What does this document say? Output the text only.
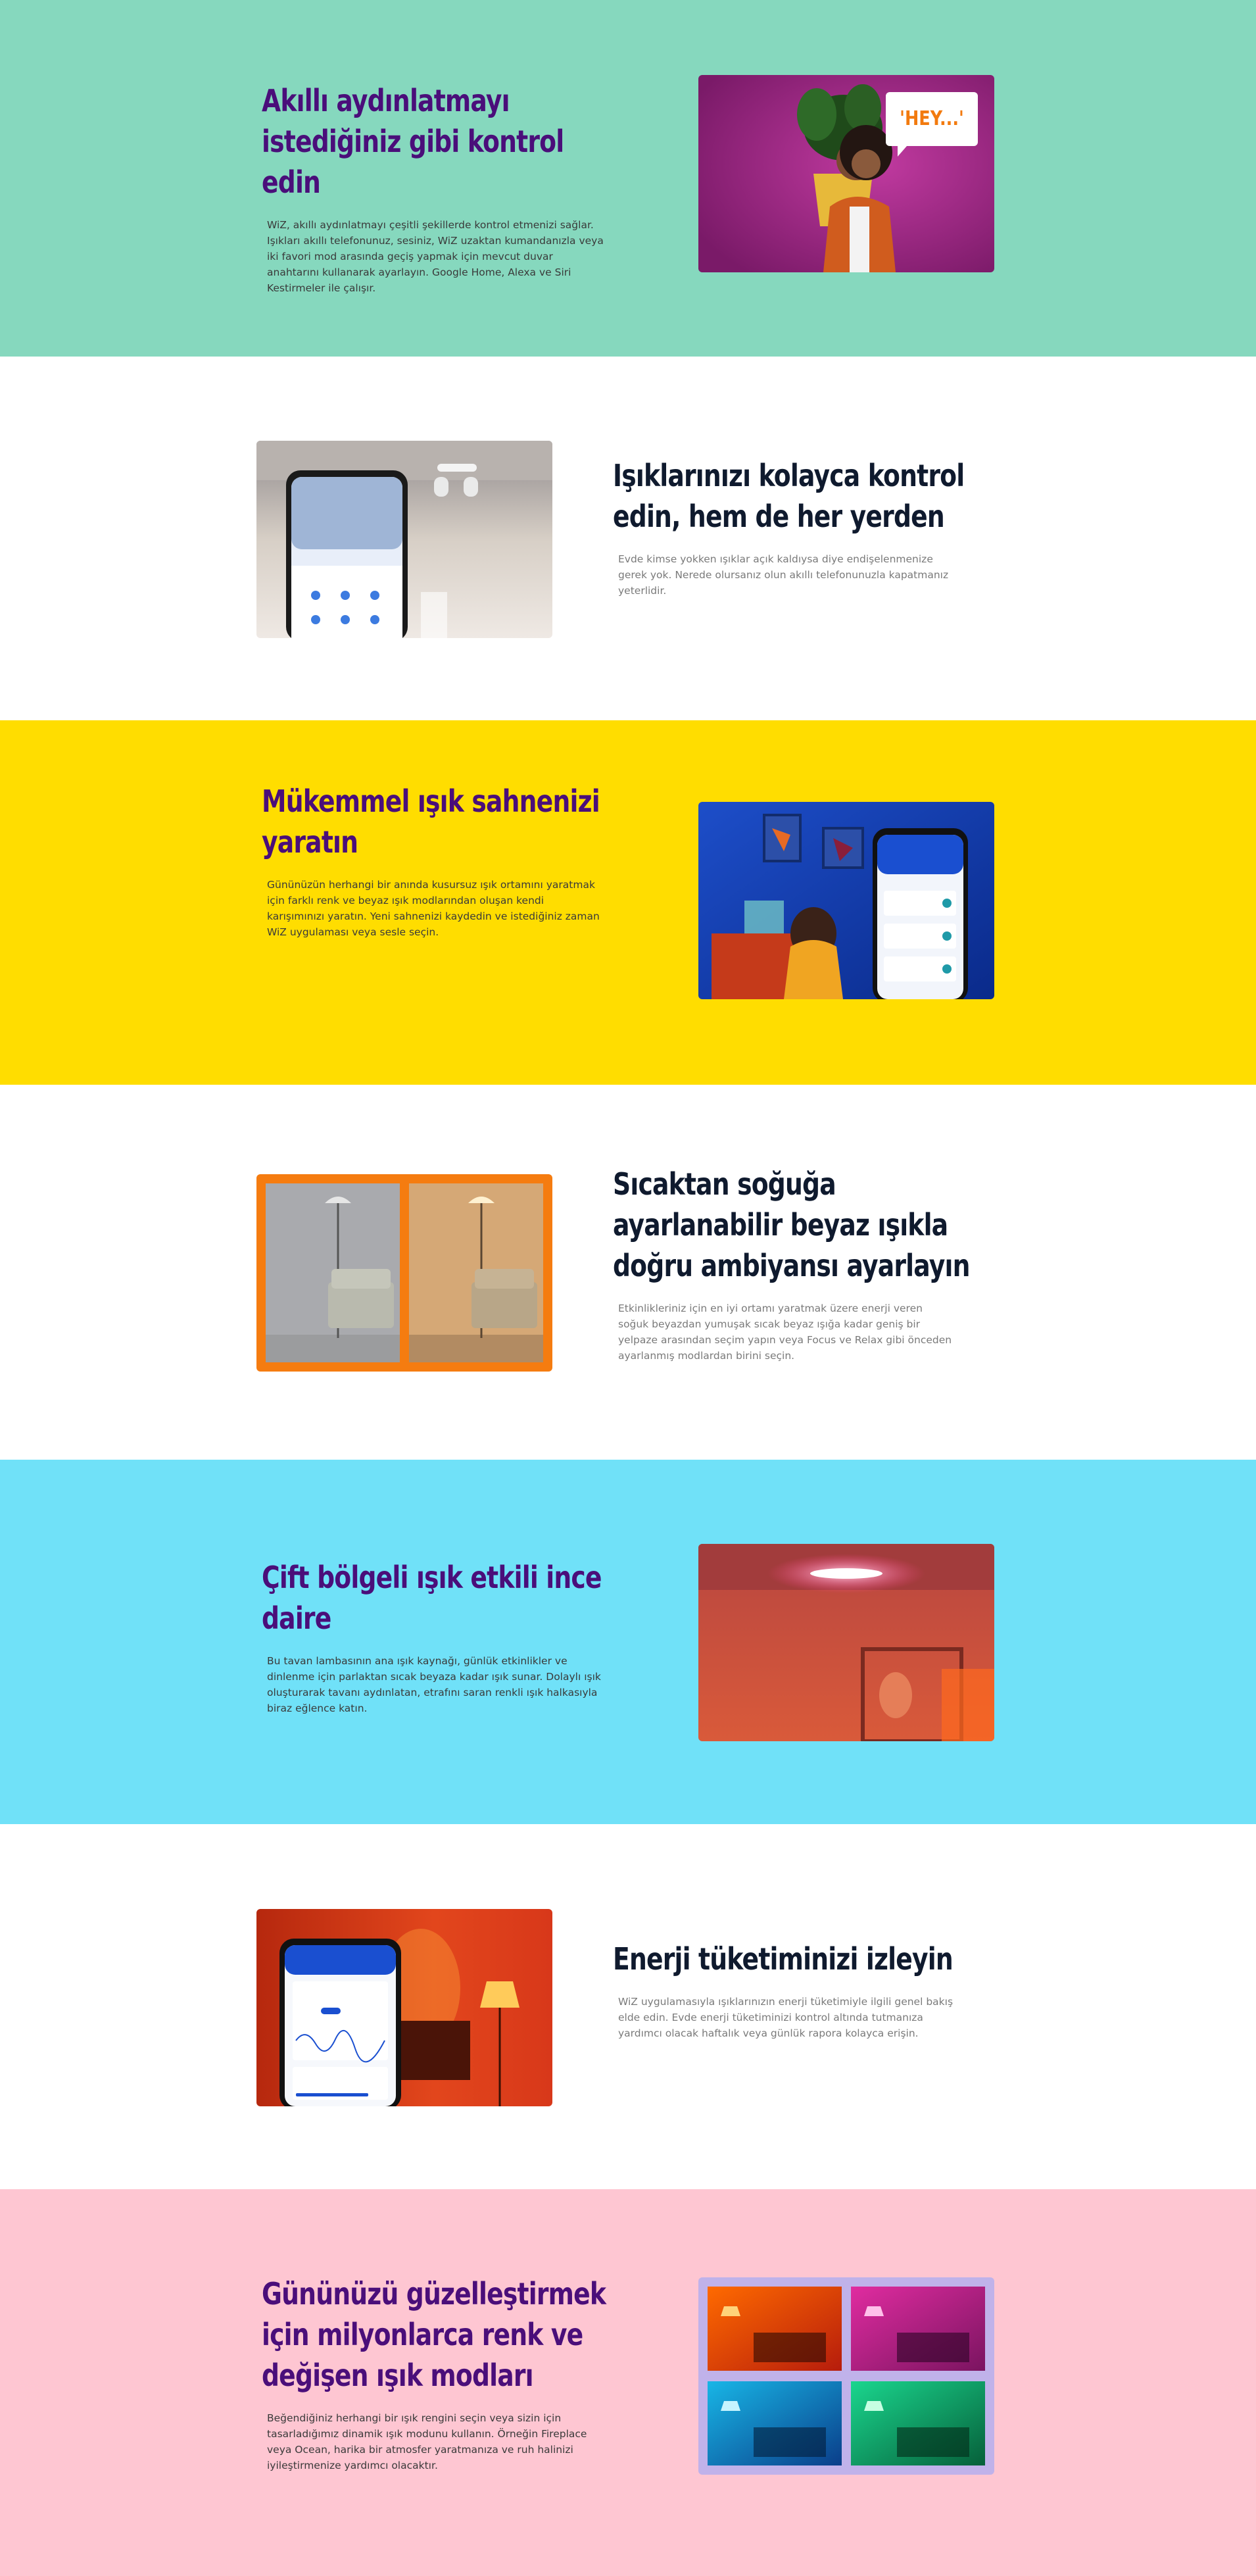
Akıllı aydınlatmayı istediğiniz gibi kontrol edin

WiZ, akıllı aydınlatmayı çeşitli şekillerde kontrol etmenizi sağlar. Işıkları akıllı telefonunuz, sesiniz, WiZ uzaktan kumandanızla veya iki favori mod arasında geçiş yapmak için mevcut duvar anahtarını kullanarak ayarlayın. Google Home, Alexa ve Siri Kestirmeler ile çalışır.

'HEY...'
Işıklarınızı kolayca kontrol edin, hem de her yerden

Evde kimse yokken ışıklar açık kaldıysa diye endişelenmenize gerek yok. Nerede olursanız olun akıllı telefonunuzla kapatmanız yeterlidir.

Mükemmel ışık sahnenizi yaratın

Gününüzün herhangi bir anında kusursuz ışık ortamını yaratmak için farklı renk ve beyaz ışık modlarından oluşan kendi karışımınızı yaratın. Yeni sahnenizi kaydedin ve istediğiniz zaman WiZ uygulaması veya sesle seçin.

Sıcaktan soğuğa ayarlanabilir beyaz ışıkla doğru ambiyansı ayarlayın

Etkinlikleriniz için en iyi ortamı yaratmak üzere enerji veren soğuk beyazdan yumuşak sıcak beyaz ışığa kadar geniş bir yelpaze arasından seçim yapın veya Focus ve Relax gibi önceden ayarlanmış modlardan birini seçin.

Çift bölgeli ışık etkili ince daire

Bu tavan lambasının ana ışık kaynağı, günlük etkinlikler ve dinlenme için parlaktan sıcak beyaza kadar ışık sunar. Dolaylı ışık oluşturarak tavanı aydınlatan, etrafını saran renkli ışık halkasıyla biraz eğlence katın.

Enerji tüketiminizi izleyin

WiZ uygulamasıyla ışıklarınızın enerji tüketimiyle ilgili genel bakış elde edin. Evde enerji tüketiminizi kontrol altında tutmanıza yardımcı olacak haftalık veya günlük rapora kolayca erişin.

Gününüzü güzelleştirmek için milyonlarca renk ve değişen ışık modları

Beğendiğiniz herhangi bir ışık rengini seçin veya sizin için tasarladığımız dinamik ışık modunu kullanın. Örneğin Fireplace veya Ocean, harika bir atmosfer yaratmanıza ve ruh halinizi iyileştirmenize yardımcı olacaktır.
